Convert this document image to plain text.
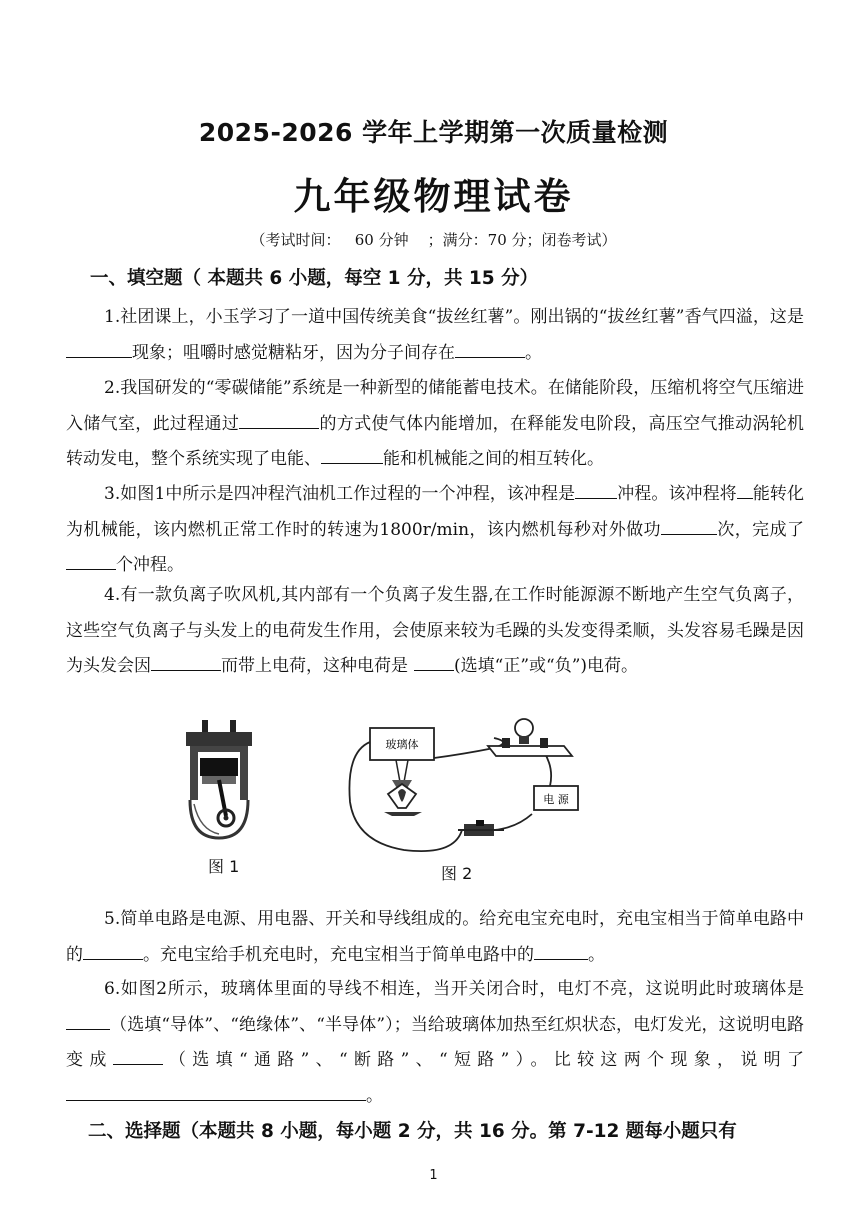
2025-2026 学年上学期第一次质量检测
九年级物理试卷
（考试时间：   60 分钟    ；满分：70 分；闭卷考试）
一、填空题（ 本题共 6 小题，每空 1 分，共 15 分）

1.社团课上，小玉学习了一道中国传统美食“拔丝红薯”。刚出锅的“拔丝红薯”香气四溢，这是现象；咀嚼时感觉糖粘牙，因为分子间存在	。

2.我国研发的“零碳储能”系统是一种新型的储能蓄电技术。在储能阶段，压缩机将空气压缩进入储气室，此过程通过	的方式使气体内能增加，在释能发电阶段，高压空气推动涡轮机转动发电，整个系统实现了电能、	能和机械能之间的相互转化。

3.如图1中所示是四冲程汽油机工作过程的一个冲程，该冲程是 冲程。该冲程将 能转化为机械能，该内燃机正常工作时的转速为1800r/min，该内燃机每秒对外做功	次，完成了个冲程。

4.有一款负离子吹风机,其内部有一个负离子发生器,在工作时能源源不断地产生空气负离子，这些空气负离子与头发上的电荷发生作用，会使原来较为毛躁的头发变得柔顺，头发容易毛躁是因为头发会因	而带上电荷，这种电荷是	(选填“正”或“负”)电荷。

图 1
玻璃体
电 源
图 2

5.简单电路是电源、用电器、开关和导线组成的。给充电宝充电时，充电宝相当于简单电路中的	。充电宝给手机充电时，充电宝相当于简单电路中的	。

6.如图2所示，玻璃体里面的导线不相连，当开关闭合时，电灯不亮，这说明此时玻璃体是（选填“导体”、“绝缘体”、“半导体”）；当给玻璃体加热至红炽状态，电灯发光，这说明电路变成	（选填“通路”、“断路”、“短路”）。比较这两个现象，说明了。

二、选择题（本题共 8 小题，每小题 2 分，共 16 分。第 7-12 题每小题只有
1
